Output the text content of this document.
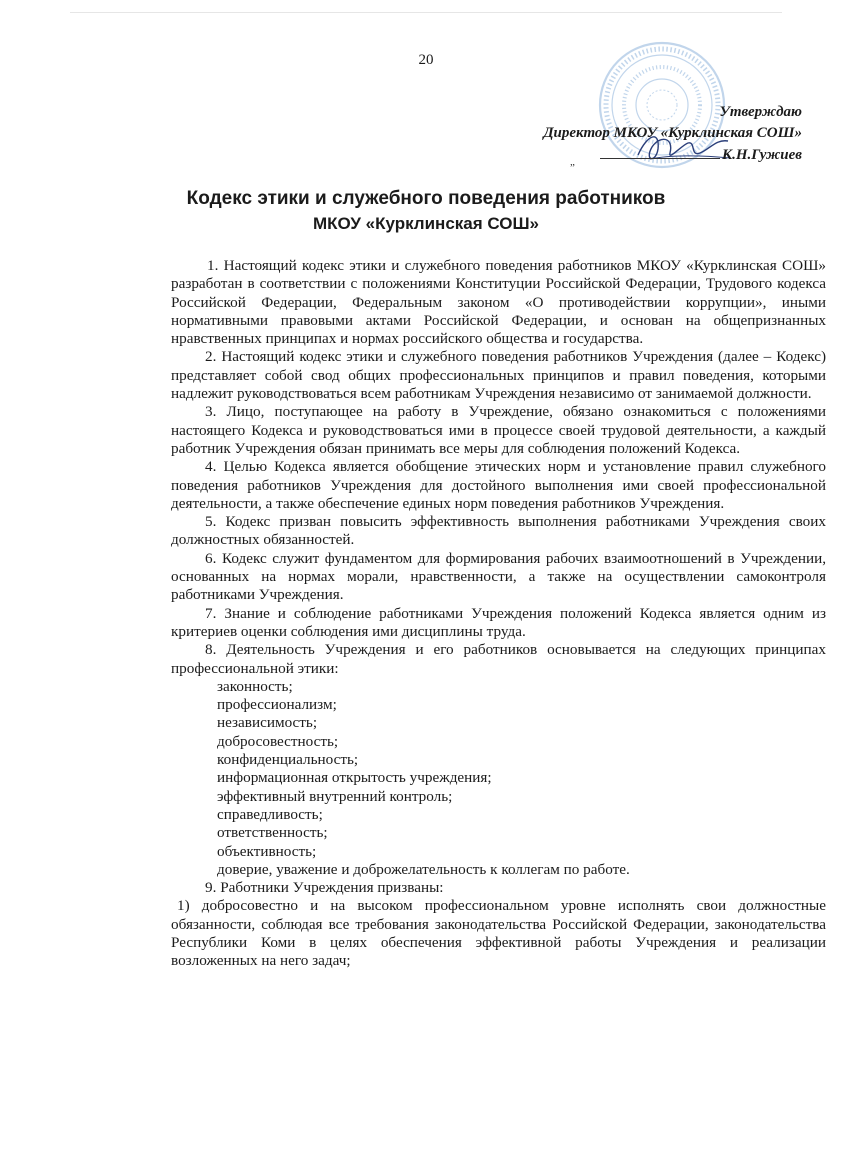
20
Утверждаю
Директор МКОУ «Курклинская СОШ»
К.Н.Гужиев
„
Кодекс этики и служебного поведения работников
МКОУ «Курклинская СОШ»

1. Настоящий кодекс этики и служебного поведения работников МКОУ «Курклинская СОШ» разработан в соответствии с положениями Конституции Российской Федерации, Трудового кодекса Российской Федерации, Федеральным законом «О противодействии коррупции», иными нормативными правовыми актами Российской Федерации, и основан на общепризнанных нравственных принципах и нормах российского общества и государства.

2. Настоящий кодекс этики и служебного поведения работников Учреждения (далее – Кодекс) представляет собой свод общих профессиональных принципов и правил поведения, которыми надлежит руководствоваться всем работникам Учреждения независимо от занимаемой должности.

3. Лицо, поступающее на работу в Учреждение, обязано ознакомиться с положениями настоящего Кодекса и руководствоваться ими в процессе своей трудовой деятельности, а каждый работник Учреждения обязан принимать все меры для соблюдения положений Кодекса.

4. Целью Кодекса является обобщение этических норм и установление правил служебного поведения работников Учреждения для достойного выполнения ими своей профессиональной деятельности, а также обеспечение единых норм поведения работников Учреждения.

5. Кодекс призван повысить эффективность выполнения работниками Учреждения своих должностных обязанностей.

6. Кодекс служит фундаментом для формирования рабочих взаимоотношений в Учреждении, основанных на нормах морали, нравственности, а также на осуществлении самоконтроля работниками Учреждения.

7. Знание и соблюдение работниками Учреждения положений Кодекса является одним из критериев оценки соблюдения ими дисциплины труда.

8. Деятельность Учреждения и его работников основывается на следующих принципах профессиональной этики:

законность;
профессионализм;
независимость;
добросовестность;
конфиденциальность;
информационная открытость учреждения;
эффективный внутренний контроль;
справедливость;
ответственность;
объективность;
доверие, уважение и доброжелательность к коллегам по работе.

9. Работники Учреждения призваны:

1) добросовестно и на высоком профессиональном уровне исполнять свои должностные обязанности, соблюдая все требования законодательства Российской Федерации, законодательства Республики Коми в целях обеспечения эффективной работы Учреждения и реализации возложенных на него задач;
